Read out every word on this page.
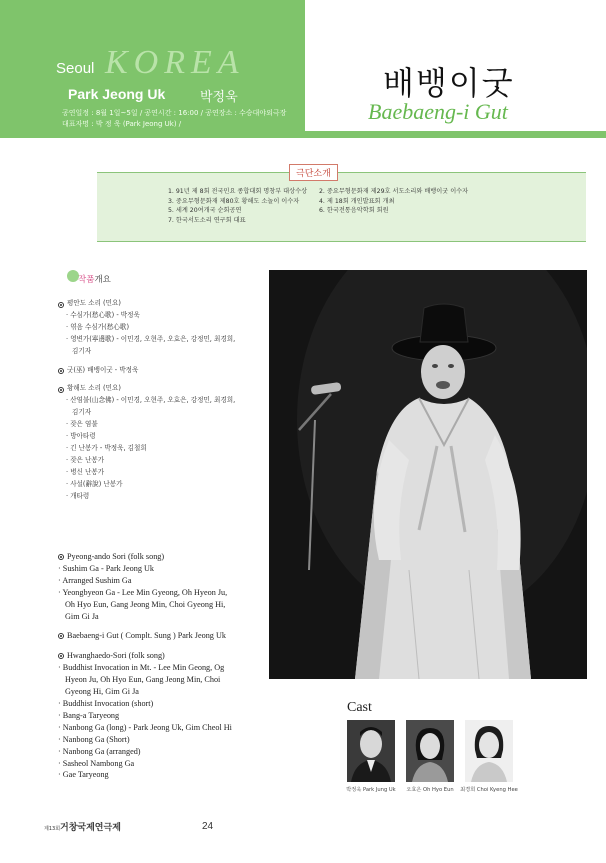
Seoul KOREA
Park Jeong Uk	박정욱
공연일정 : 8월 1일~5일 / 공연시간 : 16:00 / 공연장소 : 수승대야외극장
대표자명 : 박 정 욱 (Park Jeong Uk) /
배뱅이굿
Baebaeng-i Gut
극단소개
1. 91년 제 8회 전국민요 종합대회 명창부 대상수상
3. 중요무형문화재 제80호 황해도 소놀이 이수자
5. 세계 20여개국 순회공연
7. 한국서도소리 연구회 대표
2. 중요무형문화재 제29호 서도소리와 배뱅이굿 이수자
4. 제 18회 개인발표회 개최
6. 한국전통음악학회 회원
작품개요
평안도 소리 (민요)
· 수심가(愁心歌) - 박정욱
· 엮음 수심가(愁心歌)
· 영변가(寧邊歌) - 이민경, 오현주, 오효은, 강정민, 최경희,
김기자
굿(巫) 배뱅이굿 - 박정욱
황해도 소리 (민요)
· 산염불(山念佛) - 이민경, 오현주, 오효은, 강정민, 최경희,
김기자
· 잦은 염불
· 방아타령
· 긴 난봉가 - 박정욱, 김철희
· 잦은 난봉가
· 병신 난봉가
· 사설(辭說) 난봉가
· 개타령
Pyeong-ando Sori (folk song)
· Sushim Ga - Park Jeong Uk
· Arranged Sushim Ga
· Yeongbyeon Ga - Lee Min Gyeong, Oh Hyeon Ju,
Oh Hyo Eun, Gang Jeong Min, Choi Gyeong Hi,
Gim Gi Ja
Baebaeng-i Gut ( Complt. Sung ) Park Jeong Uk
Hwanghaedo-Sori (folk song)
· Buddhist Invocation in Mt. - Lee Min Geong, Og
Hyeon Ju, Oh Hyo Eun, Gang Jeong Min, Choi
Gyeong Hi, Gim Gi Ja
· Buddhist Invocation (short)
· Bang-a Taryeong
· Nanbong Ga (long) - Park Jeong Uk, Gim Cheol Hi
· Nanbong Ga (Short)
· Nanbong Ga (arranged)
· Sasheol Nambong Ga
· Gae Taryeong
Cast
박정욱 Park Jung Uk	오효은 Oh Hyo Eun	최경희 Choi Kyeng Hee
제13회거창국제연극제	24
